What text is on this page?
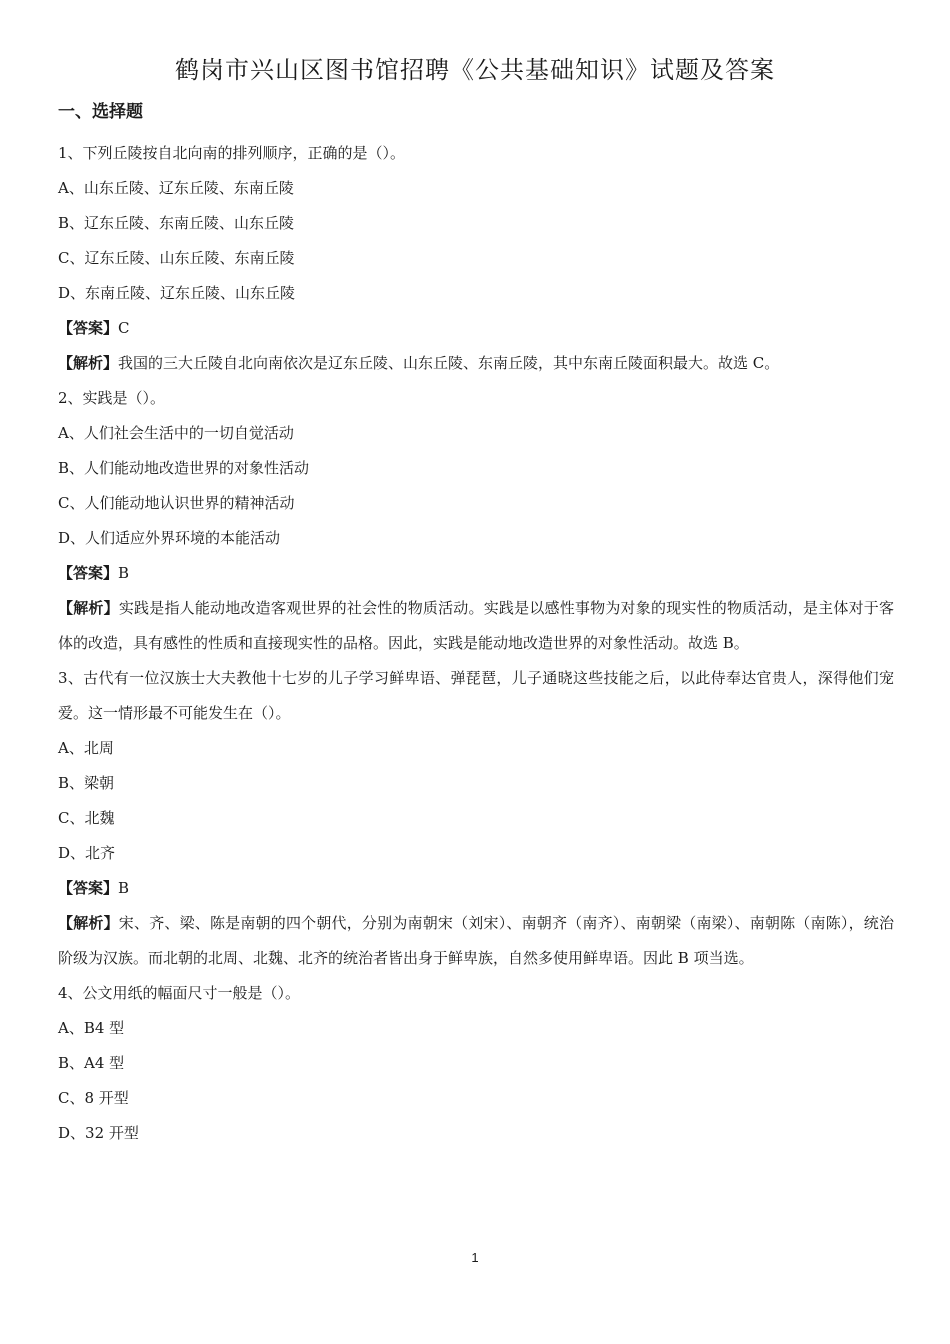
鹤岗市兴山区图书馆招聘《公共基础知识》试题及答案
一、选择题

1、下列丘陵按自北向南的排列顺序，正确的是（）。

A、山东丘陵、辽东丘陵、东南丘陵

B、辽东丘陵、东南丘陵、山东丘陵

C、辽东丘陵、山东丘陵、东南丘陵

D、东南丘陵、辽东丘陵、山东丘陵

【答案】C

【解析】我国的三大丘陵自北向南依次是辽东丘陵、山东丘陵、东南丘陵，其中东南丘陵面积最大。故选 C。

2、实践是（）。

A、人们社会生活中的一切自觉活动

B、人们能动地改造世界的对象性活动

C、人们能动地认识世界的精神活动

D、人们适应外界环境的本能活动

【答案】B

【解析】实践是指人能动地改造客观世界的社会性的物质活动。实践是以感性事物为对象的现实性的物质活动，是主体对于客体的改造，具有感性的性质和直接现实性的品格。因此，实践是能动地改造世界的对象性活动。故选 B。

3、古代有一位汉族士大夫教他十七岁的儿子学习鲜卑语、弹琵琶，儿子通晓这些技能之后，以此侍奉达官贵人，深得他们宠爱。这一情形最不可能发生在（）。

A、北周

B、梁朝

C、北魏

D、北齐

【答案】B

【解析】宋、齐、梁、陈是南朝的四个朝代，分别为南朝宋（刘宋）、南朝齐（南齐）、南朝梁（南梁）、南朝陈（南陈），统治阶级为汉族。而北朝的北周、北魏、北齐的统治者皆出身于鲜卑族，自然多使用鲜卑语。因此 B 项当选。

4、公文用纸的幅面尺寸一般是（）。

A、B4 型

B、A4 型

C、8 开型

D、32 开型

1
